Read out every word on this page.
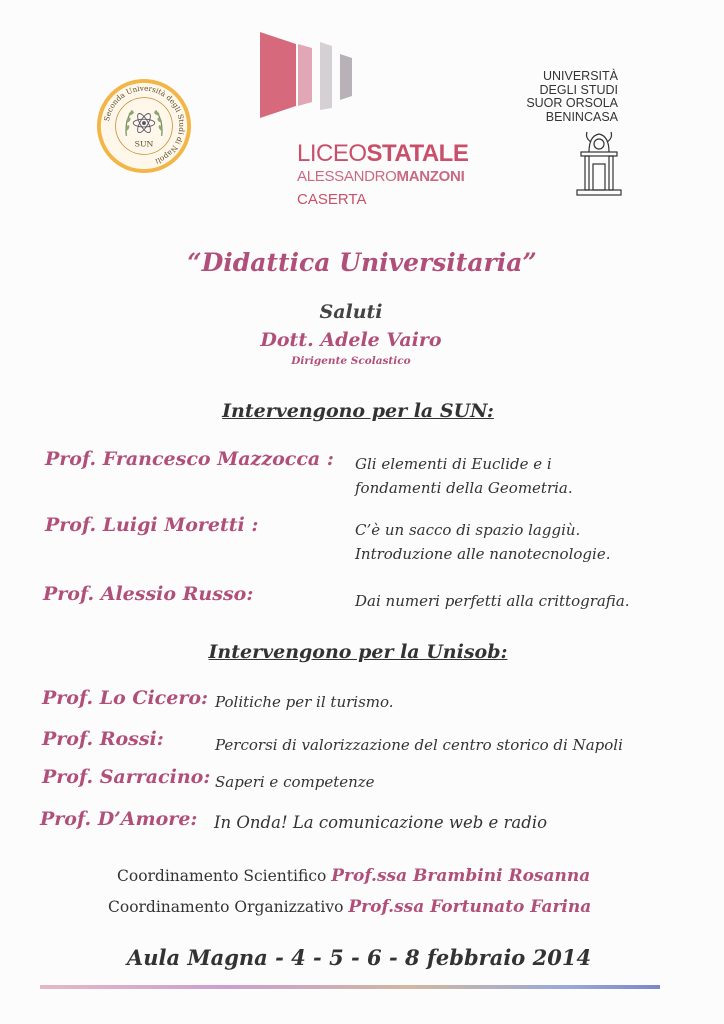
Seconda Università degli Studi di Napoli
SUN	LICEOSTATALE
ALESSANDROMANZONI
CASERTA
UNIVERSITÀ
DEGLI STUDI
SUOR ORSOLA
BENINCASA
“Didattica Universitaria”
Saluti
Dott. Adele Vairo
Dirigente Scolastico
Intervengono per la SUN:
Prof. Francesco Mazzocca : Gli elementi di Euclide e i
fondamenti della Geometria.
Prof. Luigi Moretti :	C’è un sacco di spazio laggiù.
Introduzione alle nanotecnologie.
Prof. Alessio Russo:	Dai numeri perfetti alla crittografia.
Intervengono per la Unisob:
Prof. Lo Cicero: Politiche per il turismo.
Prof. Rossi:	Percorsi di valorizzazione del centro storico di Napoli
Prof. Sarracino: Saperi e competenze
Prof. D’Amore: In Onda! La comunicazione web e radio
Coordinamento Scientifico Prof.ssa Brambini Rosanna
Coordinamento Organizzativo Prof.ssa Fortunato Farina
Aula Magna - 4 - 5 - 6 - 8 febbraio 2014
